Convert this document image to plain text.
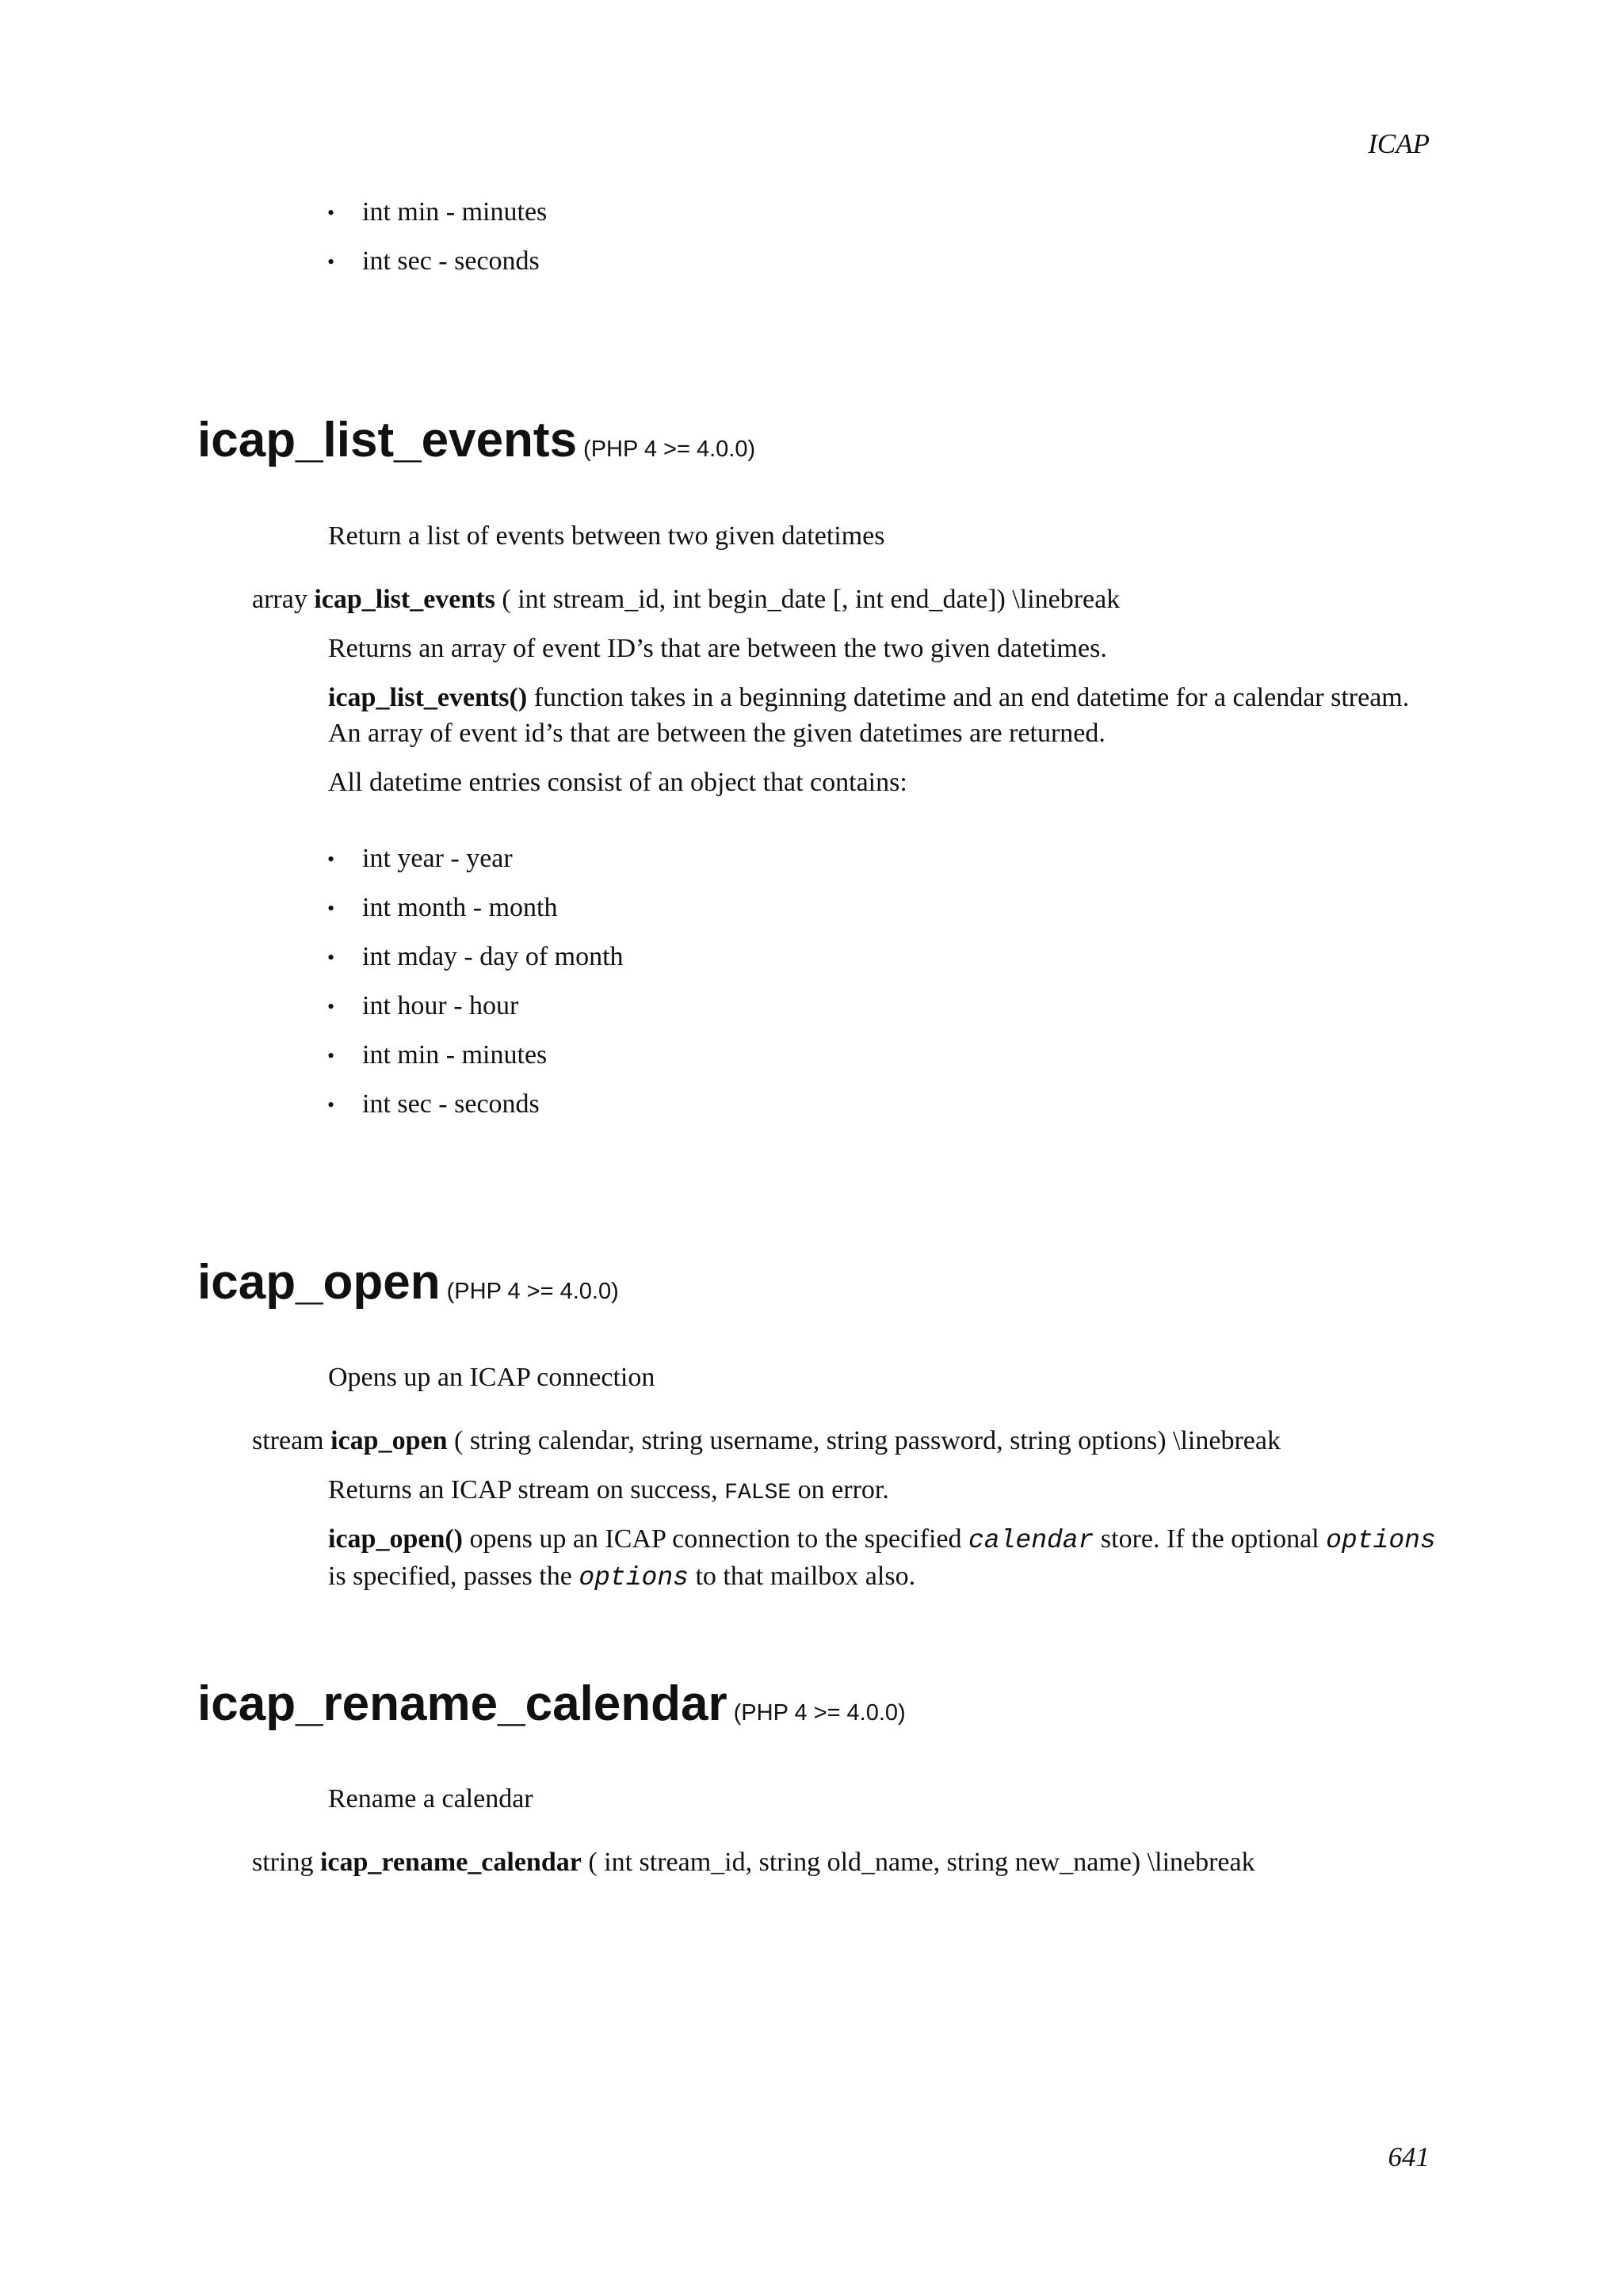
ICAP
• int min - minutes
• int sec - seconds
icap_list_events (PHP 4 >= 4.0.0)
Return a list of events between two given datetimes
array icap_list_events ( int stream_id, int begin_date [, int end_date]) \linebreak
Returns an array of event ID’s that are between the two given datetimes.
icap_list_events() function takes in a beginning datetime and an end datetime for a calendar stream. An array of event id’s that are between the given datetimes are returned.
All datetime entries consist of an object that contains:
• int year - year
• int month - month
• int mday - day of month
• int hour - hour
• int min - minutes
• int sec - seconds
icap_open (PHP 4 >= 4.0.0)
Opens up an ICAP connection
stream icap_open ( string calendar, string username, string password, string options) \linebreak
Returns an ICAP stream on success, FALSE on error.
icap_open() opens up an ICAP connection to the specified calendar store. If the optional options is specified, passes the options to that mailbox also.
icap_rename_calendar (PHP 4 >= 4.0.0)
Rename a calendar
string icap_rename_calendar ( int stream_id, string old_name, string new_name) \linebreak
641
